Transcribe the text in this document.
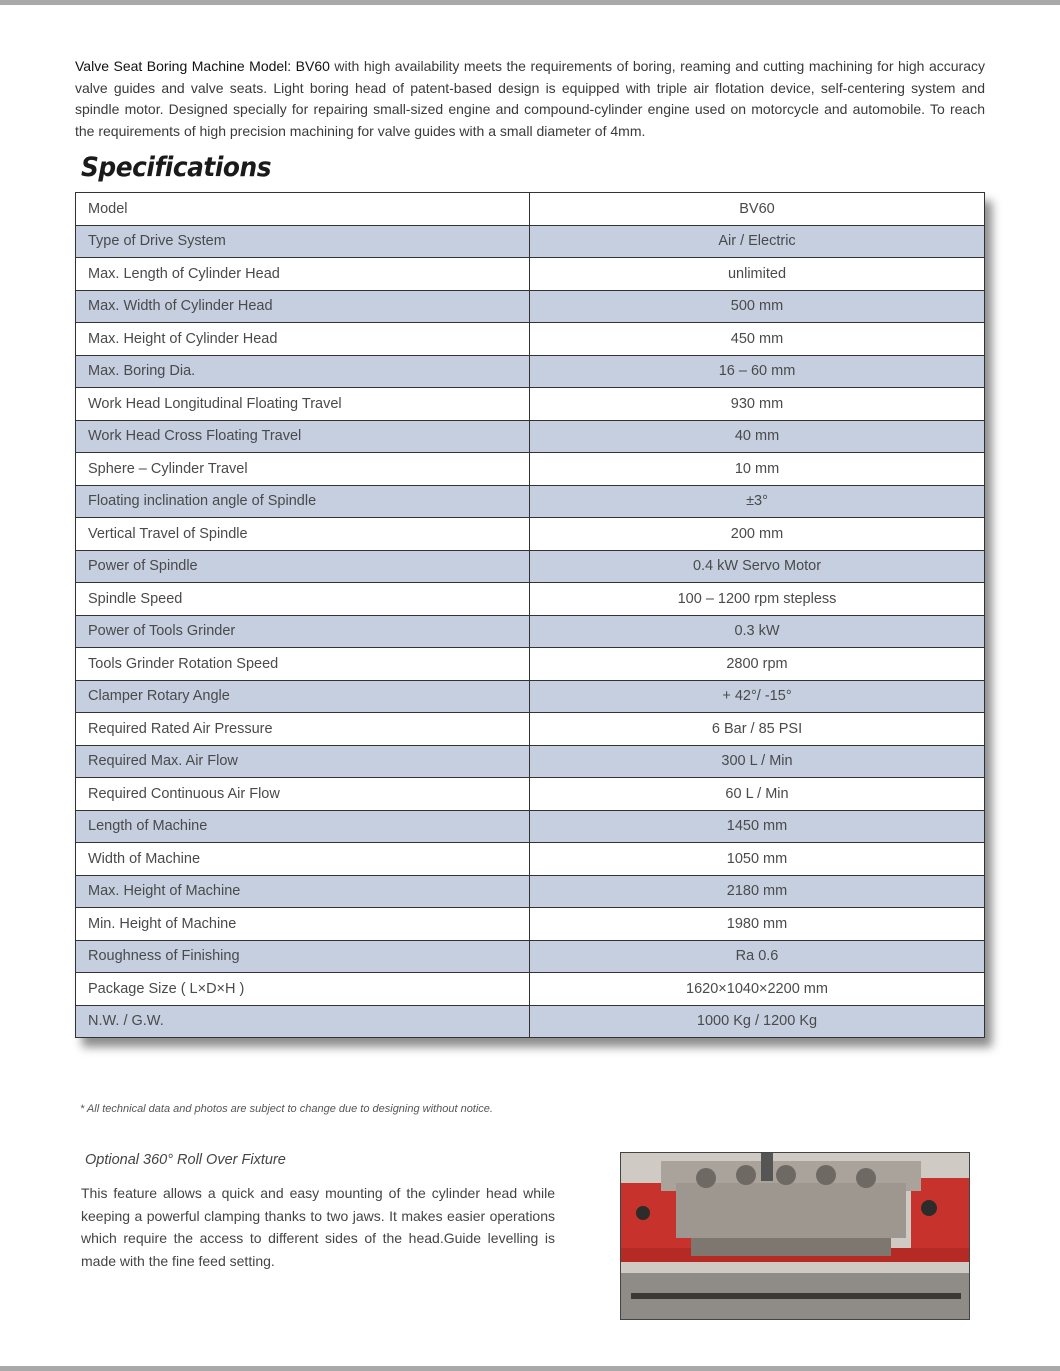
Valve Seat Boring Machine Model: BV60 with high availability meets the requirements of boring, reaming and cutting machining for high accuracy valve guides and valve seats. Light boring head of patent-based design is equipped with triple air flotation device, self-centering system and spindle motor. Designed specially for repairing small-sized engine and compound-cylinder engine used on motorcycle and automobile. To reach the requirements of high precision machining for valve guides with a small diameter of 4mm.

Specifications
Model	BV60
Type of Drive System	Air / Electric
Max. Length of Cylinder Head	unlimited
Max. Width of Cylinder Head	500 mm
Max. Height of Cylinder Head	450 mm
Max. Boring Dia.	16 – 60 mm
Work Head Longitudinal Floating Travel	930 mm
Work Head Cross Floating Travel	40 mm
Sphere – Cylinder Travel	10 mm
Floating inclination angle of Spindle	±3°
Vertical Travel of Spindle	200 mm
Power of Spindle	0.4 kW Servo Motor
Spindle Speed	100 – 1200 rpm stepless
Power of Tools Grinder	0.3 kW
Tools Grinder Rotation Speed	2800 rpm
Clamper Rotary Angle	+ 42°/ -15°
Required Rated Air Pressure	6 Bar / 85 PSI
Required Max. Air Flow	300 L / Min
Required Continuous Air Flow	60 L / Min
Length of Machine	1450 mm
Width of Machine	1050 mm
Max. Height of Machine	2180 mm
Min. Height of Machine	1980 mm
Roughness of Finishing	Ra 0.6
Package Size ( L×D×H )	1620×1040×2200 mm
N.W. / G.W.	1000 Kg / 1200 Kg
* All technical data and photos are subject to change due to designing without notice.
Optional 360° Roll Over Fixture
This feature allows a quick and easy mounting of the cylinder head while keeping a powerful clamping thanks to two jaws. It makes easier operations which require the access to different sides of the head.Guide levelling is made with the fine feed setting.
